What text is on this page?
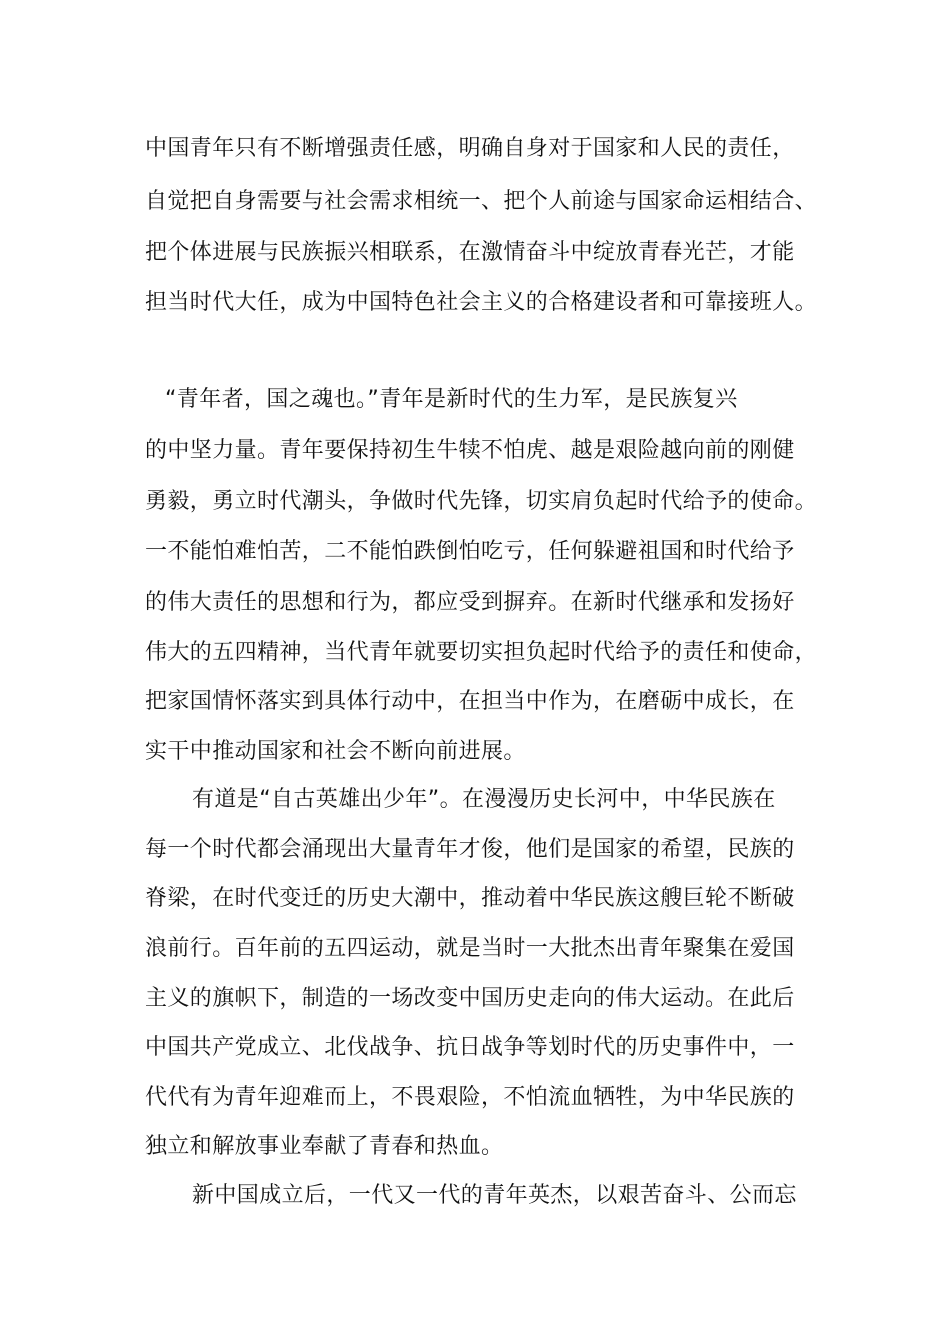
中国青年只有不断增强责任感，明确自身对于国家和人民的责任，
自觉把自身需要与社会需求相统一、把个人前途与国家命运相结合、
把个体进展与民族振兴相联系，在激情奋斗中绽放青春光芒，才能
担当时代大任，成为中国特色社会主义的合格建设者和可靠接班人。
“青年者，国之魂也。”青年是新时代的生力军，是民族复兴
的中坚力量。青年要保持初生牛犊不怕虎、越是艰险越向前的刚健
勇毅，勇立时代潮头，争做时代先锋，切实肩负起时代给予的使命。
一不能怕难怕苦，二不能怕跌倒怕吃亏，任何躲避祖国和时代给予
的伟大责任的思想和行为，都应受到摒弃。在新时代继承和发扬好
伟大的五四精神，当代青年就要切实担负起时代给予的责任和使命，
把家国情怀落实到具体行动中，在担当中作为，在磨砺中成长，在
实干中推动国家和社会不断向前进展。
有道是“自古英雄出少年”。在漫漫历史长河中，中华民族在
每一个时代都会涌现出大量青年才俊，他们是国家的希望，民族的
脊梁，在时代变迁的历史大潮中，推动着中华民族这艘巨轮不断破
浪前行。百年前的五四运动，就是当时一大批杰出青年聚集在爱国
主义的旗帜下，制造的一场改变中国历史走向的伟大运动。在此后
中国共产党成立、北伐战争、抗日战争等划时代的历史事件中，一
代代有为青年迎难而上，不畏艰险，不怕流血牺牲，为中华民族的
独立和解放事业奉献了青春和热血。
新中国成立后，一代又一代的青年英杰，以艰苦奋斗、公而忘
